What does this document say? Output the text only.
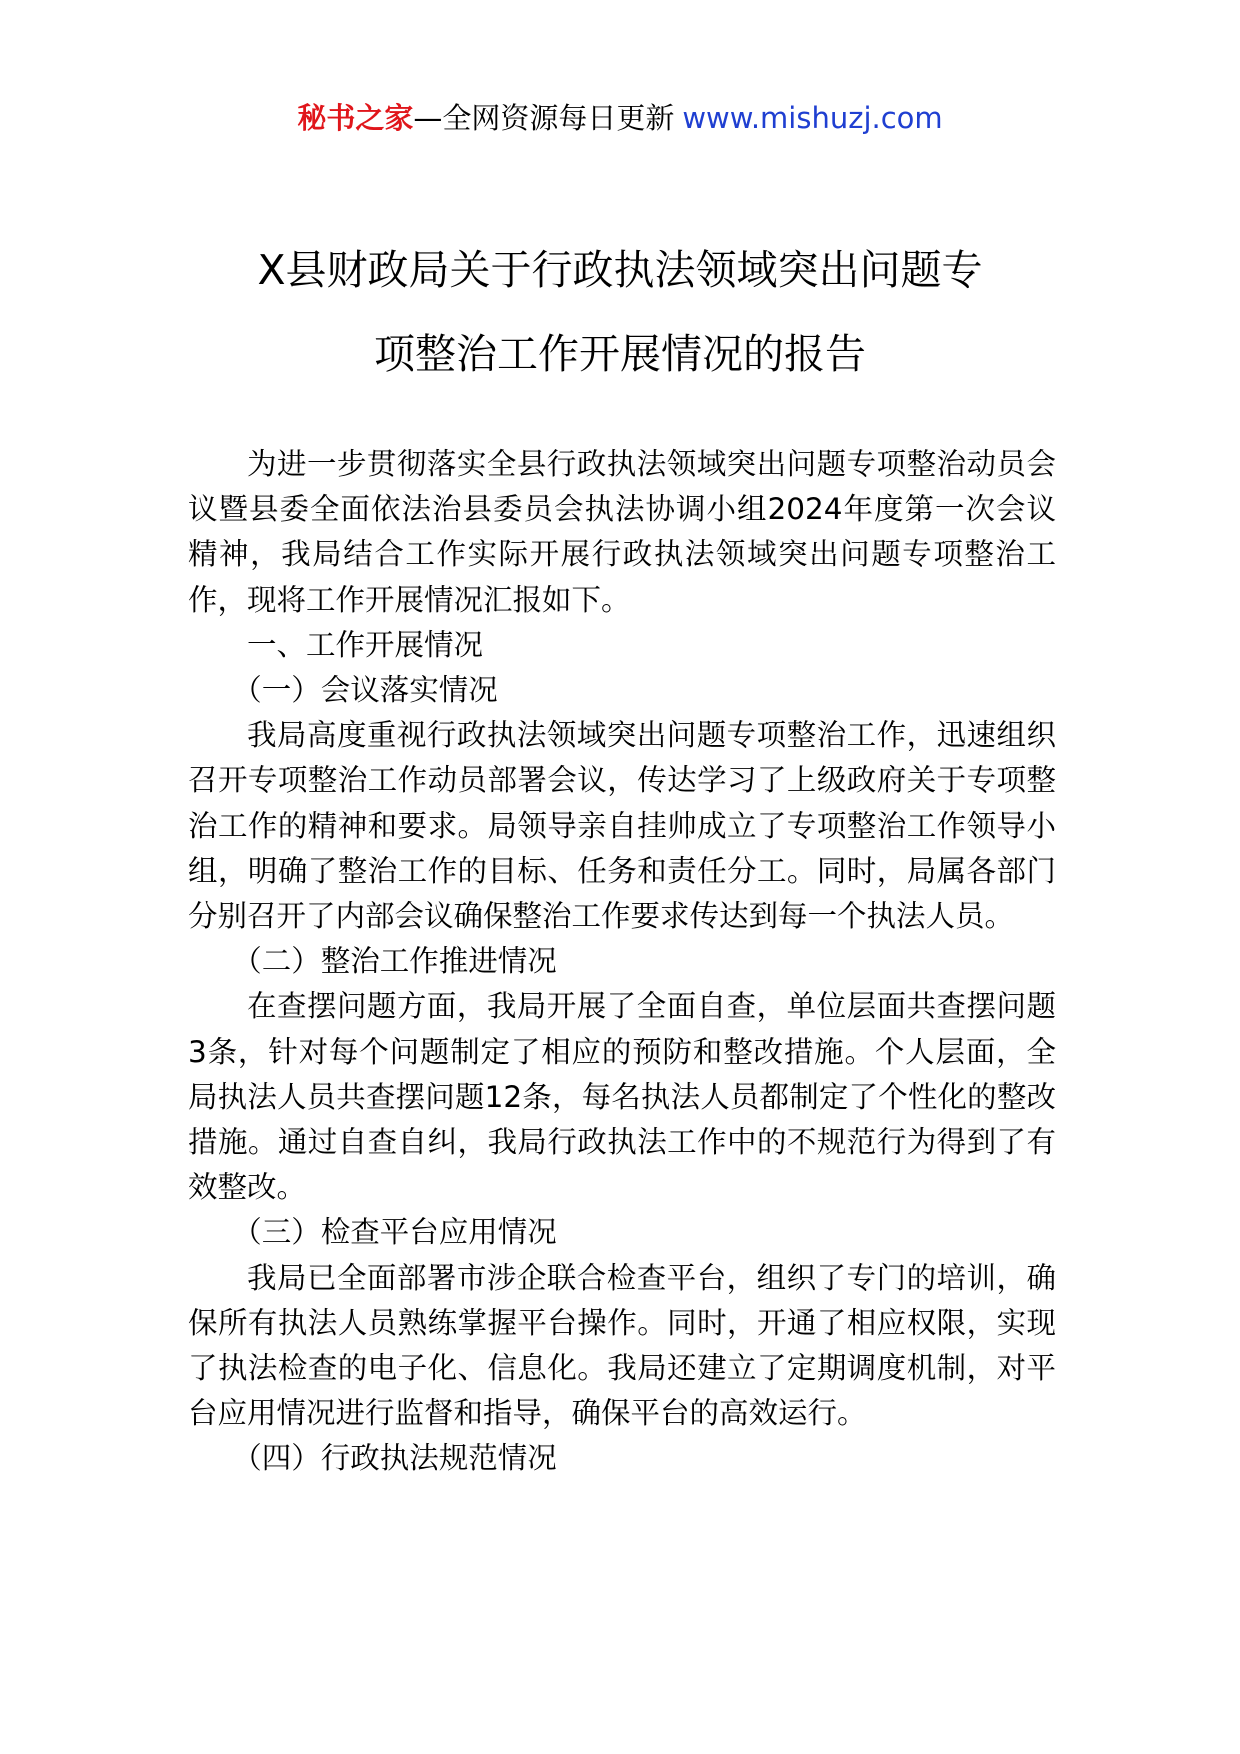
秘书之家—全网资源每日更新 www.mishuzj.com
X县财政局关于行政执法领域突出问题专
项整治工作开展情况的报告

为进一步贯彻落实全县行政执法领域突出问题专项整治动员会议暨县委全面依法治县委员会执法协调小组2024年度第一次会议精神，我局结合工作实际开展行政执法领域突出问题专项整治工作，现将工作开展情况汇报如下。

一、工作开展情况

（一）会议落实情况

我局高度重视行政执法领域突出问题专项整治工作，迅速组织召开专项整治工作动员部署会议，传达学习了上级政府关于专项整治工作的精神和要求。局领导亲自挂帅成立了专项整治工作领导小组，明确了整治工作的目标、任务和责任分工。同时，局属各部门分别召开了内部会议确保整治工作要求传达到每一个执法人员。

（二）整治工作推进情况

在查摆问题方面，我局开展了全面自查，单位层面共查摆问题3条，针对每个问题制定了相应的预防和整改措施。个人层面，全局执法人员共查摆问题12条，每名执法人员都制定了个性化的整改措施。通过自查自纠，我局行政执法工作中的不规范行为得到了有效整改。

（三）检查平台应用情况

我局已全面部署市涉企联合检查平台，组织了专门的培训，确保所有执法人员熟练掌握平台操作。同时，开通了相应权限，实现了执法检查的电子化、信息化。我局还建立了定期调度机制，对平台应用情况进行监督和指导，确保平台的高效运行。

（四）行政执法规范情况
